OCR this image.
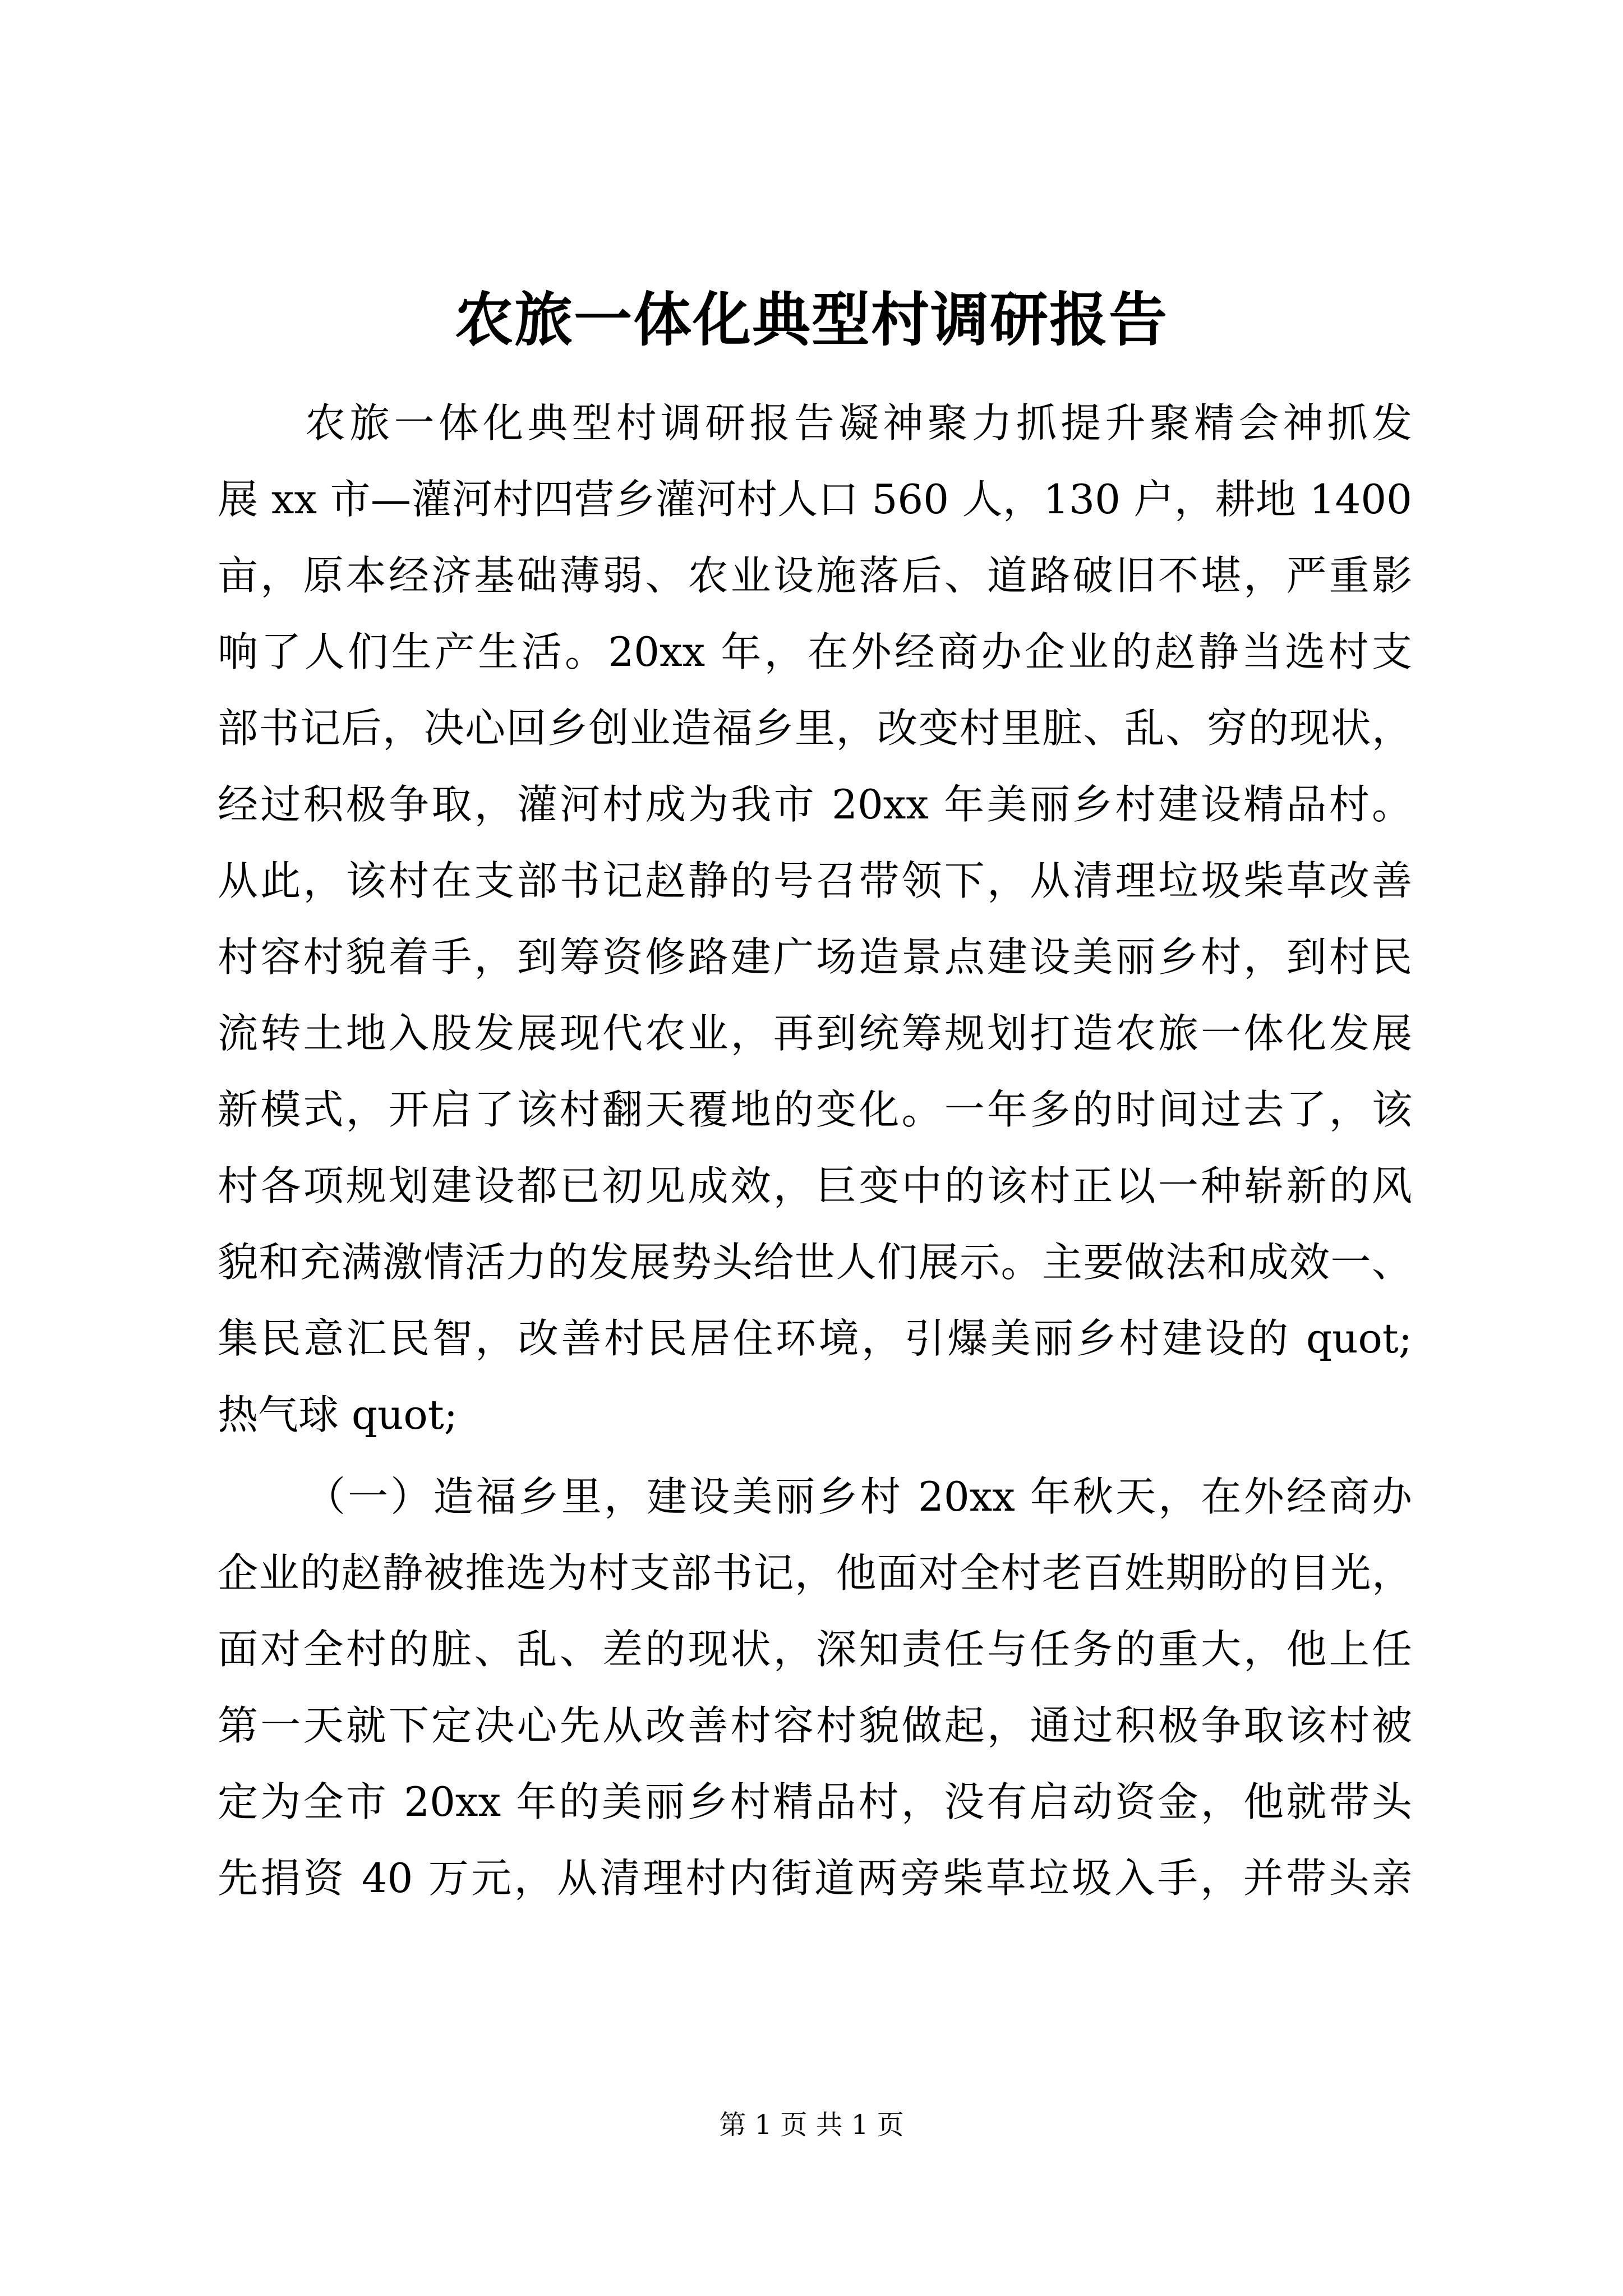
农旅一体化典型村调研报告
农旅一体化典型村调研报告凝神聚力抓提升聚精会神抓发
展 xx 市—灌河村四营乡灌河村人口 560 人，130 户，耕地 1400
亩，原本经济基础薄弱、农业设施落后、道路破旧不堪，严重影
响了人们生产生活。20xx 年，在外经商办企业的赵静当选村支
部书记后，决心回乡创业造福乡里，改变村里脏、乱、穷的现状，
经过积极争取，灌河村成为我市 20xx 年美丽乡村建设精品村。
从此，该村在支部书记赵静的号召带领下，从清理垃圾柴草改善
村容村貌着手，到筹资修路建广场造景点建设美丽乡村，到村民
流转土地入股发展现代农业，再到统筹规划打造农旅一体化发展
新模式，开启了该村翻天覆地的变化。一年多的时间过去了，该
村各项规划建设都已初见成效，巨变中的该村正以一种崭新的风
貌和充满激情活力的发展势头给世人们展示。主要做法和成效一、
集民意汇民智，改善村民居住环境，引爆美丽乡村建设的 quot;
热气球 quot;
（一）造福乡里，建设美丽乡村 20xx 年秋天，在外经商办
企业的赵静被推选为村支部书记，他面对全村老百姓期盼的目光，
面对全村的脏、乱、差的现状，深知责任与任务的重大，他上任
第一天就下定决心先从改善村容村貌做起，通过积极争取该村被
定为全市 20xx 年的美丽乡村精品村，没有启动资金，他就带头
先捐资 40 万元，从清理村内街道两旁柴草垃圾入手，并带头亲
第 1 页 共 1 页
